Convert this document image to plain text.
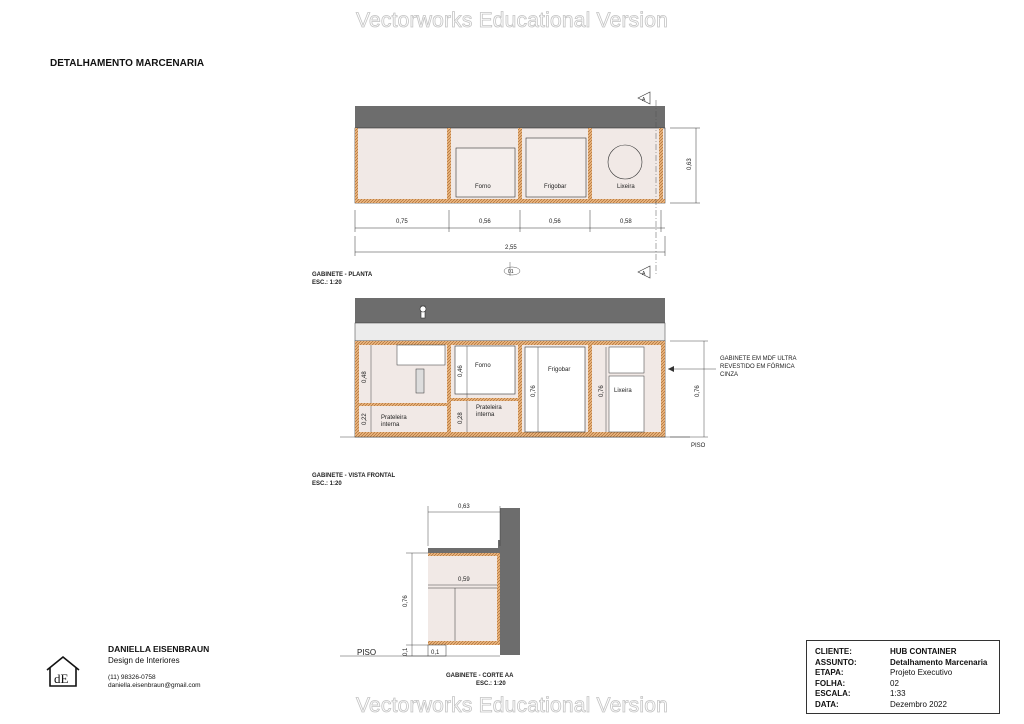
Vectorworks Educational Version
Vectorworks Educational Version
DETALHAMENTO MARCENARIA
Forno	Frigobar	Lixeira
A
A
0,75	0,56	0,56	0,58
2,55
0,63
01
GABINETE - PLANTA
ESC.: 1:20
Forno
Frigobar
Lixeira
Prateleira
interna
Prateleira
interna
0,48
0,22
0,46
0,28
0,76	0,76	0,76
PISO
GABINETE EM MDF ULTRA
REVESTIDO EM FÓRMICA
CINZA
GABINETE - VISTA FRONTAL
ESC.: 1:20
0,63
0,59
0,76
0,1	0,1
PISO
GABINETE - CORTE AA
ESC.: 1:20
dE
DANIELLA EISENBRAUN
Design de Interiores
(11) 98326-0758
daniella.eisenbraun@gmail.com
CLIENTE:	HUB CONTAINER
ASSUNTO:	Detalhamento Marcenaria
ETAPA:	Projeto Executivo
FOLHA:	02
ESCALA:	1:33
DATA:	Dezembro 2022
